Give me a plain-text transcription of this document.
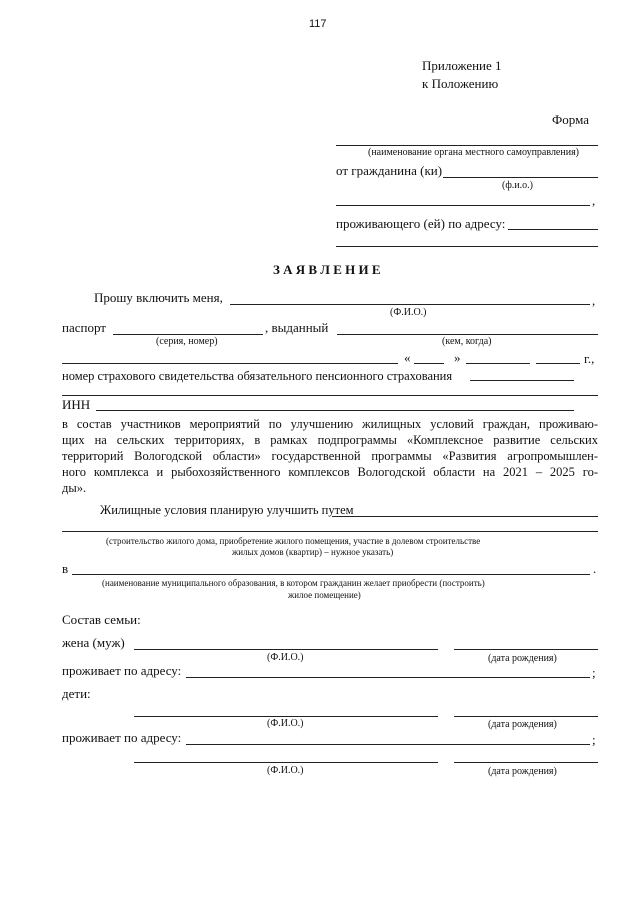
117
Приложение 1
к Положению
Форма
(наименование органа местного самоуправления)
от гражданина (ки)
(ф.и.о.)
,
проживающего (ей) по адресу:
З А Я В Л Е Н И Е
Прошу включить меня,	,
(Ф.И.О.)
паспорт	, выданный
(серия, номер)	(кем, когда)
«	»	г.,
номер страхового свидетельства обязательного пенсионного страхования
ИНН
в состав участников мероприятий по улучшению жилищных условий граждан, проживаю-
щих на сельских территориях, в рамках подпрограммы «Комплексное развитие сельских
территорий Вологодской области» государственной программы «Развития агропромышлен-
ного комплекса и рыбохозяйственного комплексов Вологодской области на 2021 – 2025 го-
ды».
Жилищные условия планирую улучшить путем
(строительство жилого дома, приобретение жилого помещения, участие в долевом строительстве
жилых домов (квартир) – нужное указать)
в	.
(наименование муниципального образования, в котором гражданин желает приобрести (построить)
жилое помещение)
Состав семьи:
жена (муж)
(Ф.И.О.)	(дата рождения)
проживает по адресу:	;
дети:
(Ф.И.О.)	(дата рождения)
проживает по адресу:	;
(Ф.И.О.)	(дата рождения)
